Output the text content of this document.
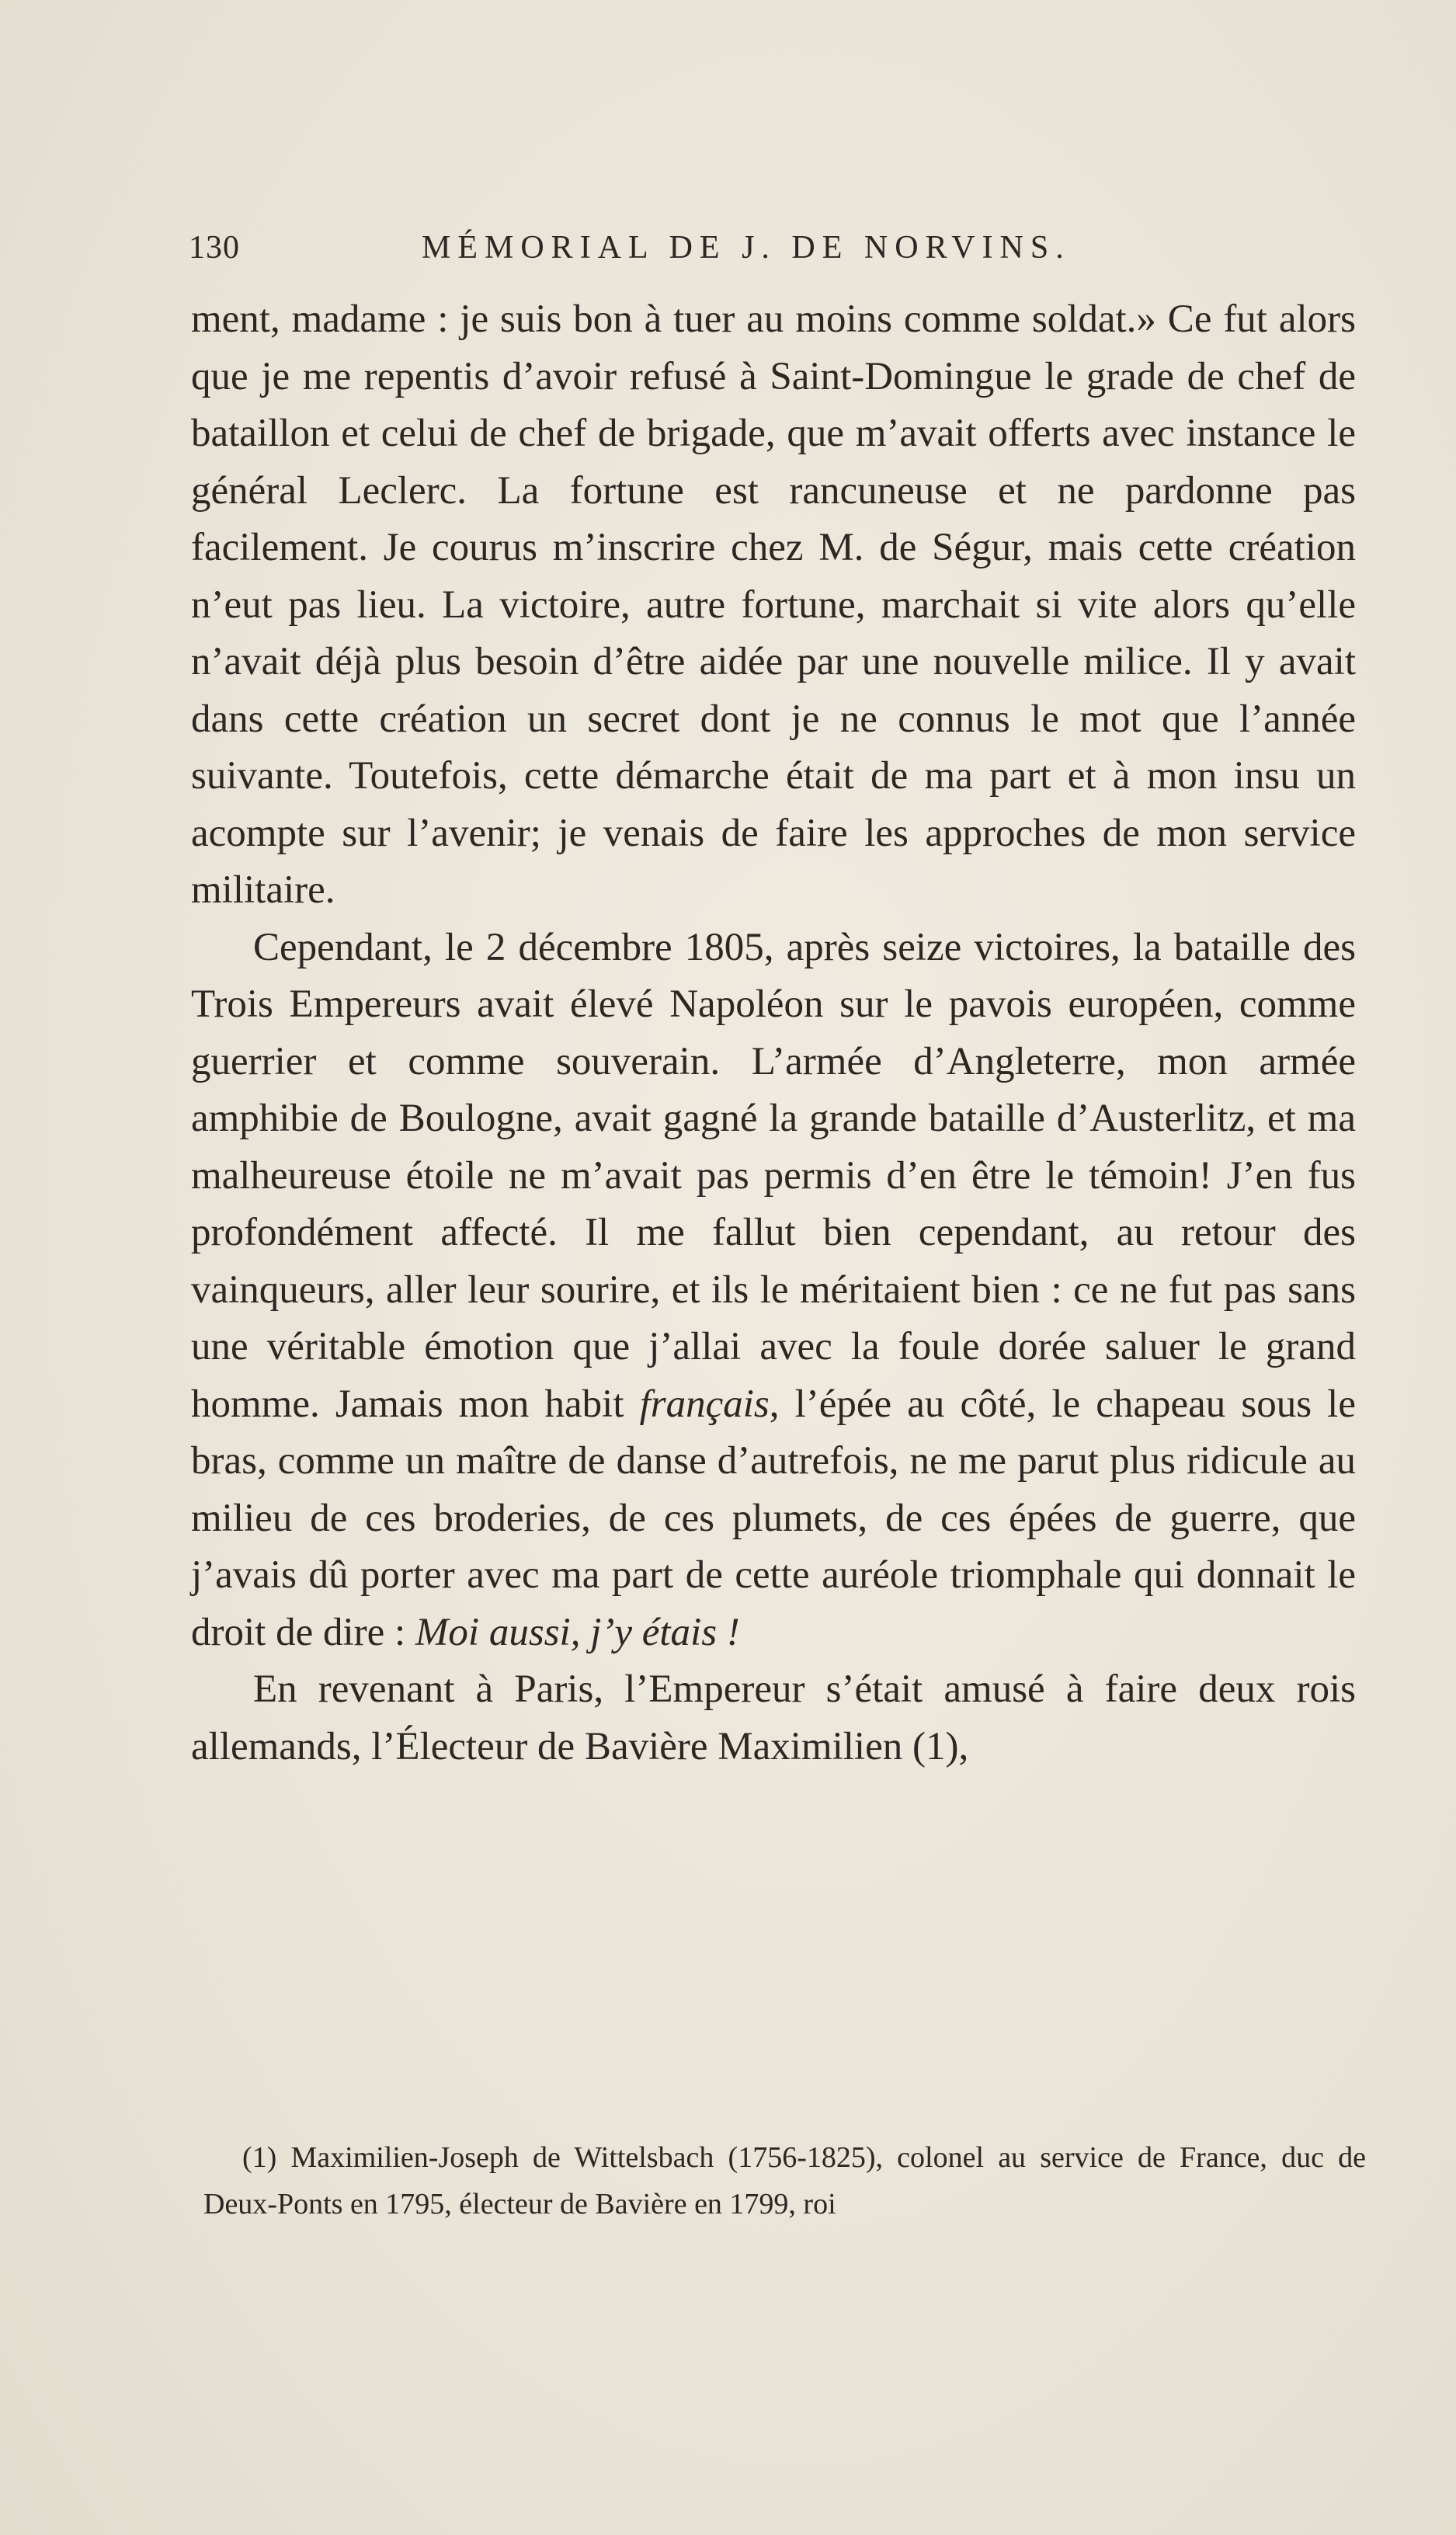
130	MÉMORIAL DE J. DE NORVINS.

ment, madame : je suis bon à tuer au moins comme soldat.» Ce fut alors que je me repentis d’avoir refusé à Saint-Domingue le grade de chef de bataillon et celui de chef de brigade, que m’avait offerts avec instance le général Leclerc. La fortune est rancuneuse et ne pardonne pas facilement. Je courus m’inscrire chez M. de Ségur, mais cette création n’eut pas lieu. La victoire, autre fortune, marchait si vite alors qu’elle n’avait déjà plus besoin d’être aidée par une nouvelle milice. Il y avait dans cette création un secret dont je ne connus le mot que l’année suivante. Toutefois, cette démarche était de ma part et à mon insu un acompte sur l’avenir; je venais de faire les approches de mon service militaire.

Cependant, le 2 décembre 1805, après seize victoires, la bataille des Trois Empereurs avait élevé Napoléon sur le pavois européen, comme guerrier et comme souverain. L’armée d’Angleterre, mon armée amphibie de Boulogne, avait gagné la grande bataille d’Austerlitz, et ma malheureuse étoile ne m’avait pas permis d’en être le témoin! J’en fus profondément affecté. Il me fallut bien cependant, au retour des vainqueurs, aller leur sourire, et ils le méritaient bien : ce ne fut pas sans une véritable émotion que j’allai avec la foule dorée saluer le grand homme. Jamais mon habit français, l’épée au côté, le chapeau sous le bras, comme un maître de danse d’autrefois, ne me parut plus ridicule au milieu de ces broderies, de ces plumets, de ces épées de guerre, que j’avais dû porter avec ma part de cette auréole triomphale qui donnait le droit de dire : Moi aussi, j’y étais !

En revenant à Paris, l’Empereur s’était amusé à faire deux rois allemands, l’Électeur de Bavière Maximilien (1),

(1) Maximilien-Joseph de Wittelsbach (1756-1825), colonel au service de France, duc de Deux-Ponts en 1795, électeur de Bavière en 1799, roi
